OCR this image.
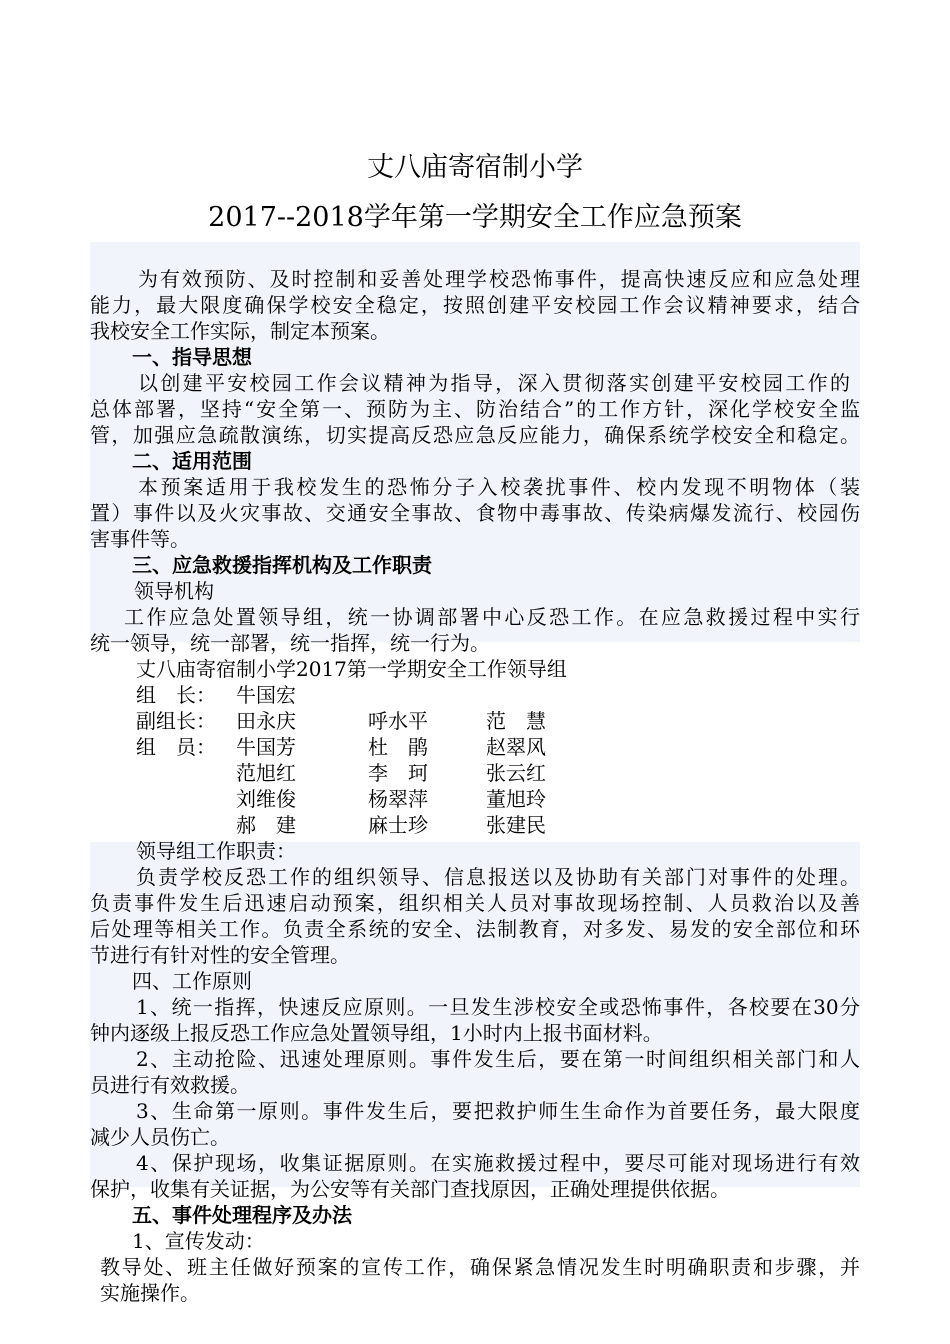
丈八庙寄宿制小学
2017--2018学年第一学期安全工作应急预案
为有效预防、及时控制和妥善处理学校恐怖事件，提高快速反应和应急处理
能力，最大限度确保学校安全稳定，按照创建平安校园工作会议精神要求，结合
我校安全工作实际，制定本预案。
一、指导思想
以创建平安校园工作会议精神为指导，深入贯彻落实创建平安校园工作的
总体部署，坚持“安全第一、预防为主、防治结合”的工作方针，深化学校安全监
管，加强应急疏散演练，切实提高反恐应急反应能力，确保系统学校安全和稳定。
二、适用范围
本预案适用于我校发生的恐怖分子入校袭扰事件、校内发现不明物体（装
置）事件以及火灾事故、交通安全事故、食物中毒事故、传染病爆发流行、校园伤
害事件等。
三、应急救援指挥机构及工作职责
领导机构
工作应急处置领导组，统一协调部署中心反恐工作。在应急救援过程中实行
统一领导，统一部署，统一指挥，统一行为。
丈八庙寄宿制小学2017第一学期安全工作领导组
组　长： 牛国宏
副组长： 田永庆	呼水平	范　慧
组　员： 牛国芳	杜　鹃	赵翠风
范旭红	李　珂	张云红
刘维俊	杨翠萍	董旭玲
郝　建	麻士珍	张建民
领导组工作职责：
负责学校反恐工作的组织领导、信息报送以及协助有关部门对事件的处理。
负责事件发生后迅速启动预案，组织相关人员对事故现场控制、人员救治以及善
后处理等相关工作。负责全系统的安全、法制教育，对多发、易发的安全部位和环
节进行有针对性的安全管理。
四、工作原则
1、统一指挥，快速反应原则。一旦发生涉校安全或恐怖事件，各校要在30分
钟内逐级上报反恐工作应急处置领导组，1小时内上报书面材料。
2、主动抢险、迅速处理原则。事件发生后，要在第一时间组织相关部门和人
员进行有效救援。
3、生命第一原则。事件发生后，要把救护师生生命作为首要任务，最大限度
减少人员伤亡。
4、保护现场，收集证据原则。在实施救援过程中，要尽可能对现场进行有效
保护，收集有关证据，为公安等有关部门查找原因，正确处理提供依据。
五、事件处理程序及办法
1、宣传发动：
教导处、班主任做好预案的宣传工作，确保紧急情况发生时明确职责和步骤，并
实施操作。
